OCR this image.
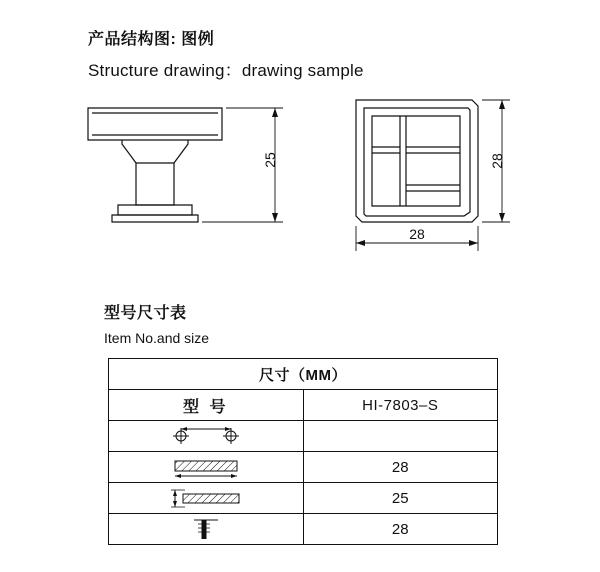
产品结构图: 图例
Structure drawing：drawing sample
25	28
28
型号尺寸表
Item No.and size
尺寸（MM）	
型 号	HI-7803–S

	28

	25

	28
